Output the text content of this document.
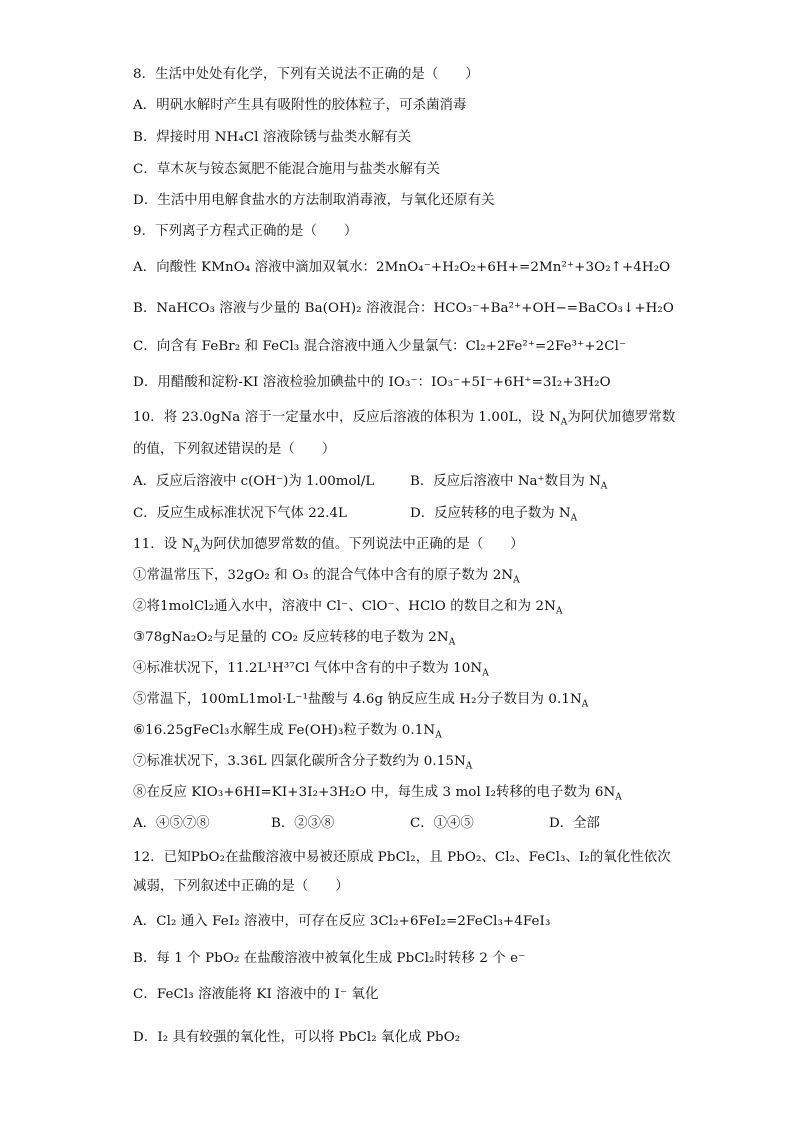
8．生活中处处有化学，下列有关说法不正确的是（　　）
A．明矾水解时产生具有吸附性的胶体粒子，可杀菌消毒
B．焊接时用 NH₄Cl 溶液除锈与盐类水解有关
C．草木灰与铵态氮肥不能混合施用与盐类水解有关
D．生活中用电解食盐水的方法制取消毒液，与氧化还原有关
9．下列离子方程式正确的是（　　）
A．向酸性 KMnO₄ 溶液中滴加双氧水：2MnO₄⁻+H₂O₂+6H+=2Mn²⁺+3O₂↑+4H₂O
B．NaHCO₃ 溶液与少量的 Ba(OH)₂ 溶液混合：HCO₃⁻+Ba²⁺+OH−=BaCO₃↓+H₂O
C．向含有 FeBr₂ 和 FeCl₃ 混合溶液中通入少量氯气：Cl₂+2Fe²⁺=2Fe³⁺+2Cl⁻
D．用醋酸和淀粉-KI 溶液检验加碘盐中的 IO₃⁻：IO₃⁻+5I⁻+6H⁺=3I₂+3H₂O
10．将 23.0gNa 溶于一定量水中，反应后溶液的体积为 1.00L，设 $N_A$为阿伏加德罗常数
的值，下列叙述错误的是（　　）
A．反应后溶液中 c(OH⁻)为 1.00mol/L	B．反应后溶液中 Na⁺数目为 $N_A$
C．反应生成标准状况下气体 22.4L	D．反应转移的电子数为 $N_A$
11．设 $N_A$为阿伏加德罗常数的值。下列说法中正确的是（　　）
①常温常压下，32gO₂ 和 O₃ 的混合气体中含有的原子数为 $2N_A$
②将1molCl₂通入水中，溶液中 Cl⁻、ClO⁻、HClO 的数目之和为 $2N_A$
③78gNa₂O₂与足量的 CO₂ 反应转移的电子数为 $2N_A$
④标准状况下，11.2L¹H³⁷Cl 气体中含有的中子数为 $10N_A$
⑤常温下，100mL1mol·L⁻¹盐酸与 4.6g 钠反应生成 H₂分子数目为 $0.1N_A$
⑥16.25gFeCl₃水解生成 Fe(OH)₃粒子数为 $0.1N_A$
⑦标准状况下，3.36L 四氯化碳所含分子数约为 $0.15N_A$
⑧在反应 KIO₃+6HI=KI+3I₂+3H₂O 中，每生成 3 mol I₂转移的电子数为 $6N_A$
A．④⑤⑦⑧	B．②③⑧	C．①④⑤	D．全部
12．已知PbO₂在盐酸溶液中易被还原成 PbCl₂，且 PbO₂、Cl₂、FeCl₃、I₂的氧化性依次
减弱，下列叙述中正确的是（　　）
A．Cl₂ 通入 FeI₂ 溶液中，可存在反应 3Cl₂+6FeI₂=2FeCl₃+4FeI₃
B．每 1 个 PbO₂ 在盐酸溶液中被氧化生成 PbCl₂时转移 2 个 e⁻
C．FeCl₃ 溶液能将 KI 溶液中的 I⁻ 氧化
D．I₂ 具有较强的氧化性，可以将 PbCl₂ 氧化成 PbO₂
